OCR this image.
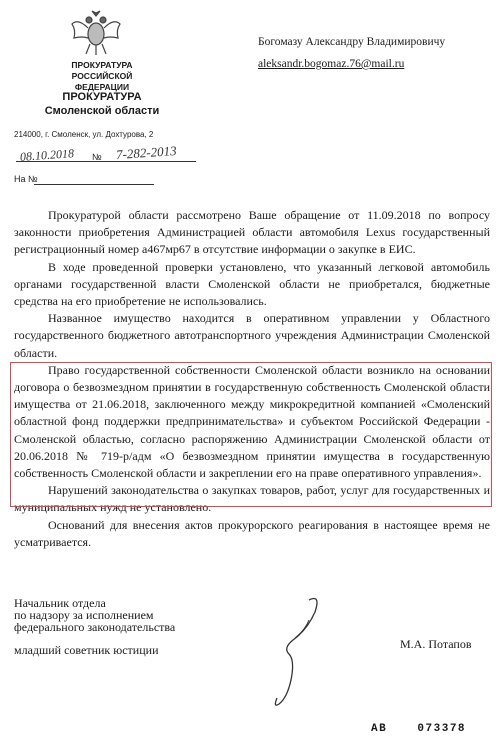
ПРОКУРАТУРА
РОССИЙСКОЙ ФЕДЕРАЦИИ
ПРОКУРАТУРА
Смоленской области
214000, г. Смоленск, ул. Дохтурова, 2
08.10.2018 № 7-282-2013
На №
Богомазу Александру Владимировичу
aleksandr.bogomaz.76@mail.ru

Прокуратурой области рассмотрено Ваше обращение от 11.09.2018 по вопросу законности приобретения Администрацией области автомобиля Lexus государственный регистрационный номер а467мр67 в отсутствие информации о закупке в ЕИС.

В ходе проведенной проверки установлено, что указанный легковой автомобиль органами государственной власти Смоленской области не приобретался, бюджетные средства на его приобретение не использовались.

Названное имущество находится в оперативном управлении у Областного государственного бюджетного автотранспортного учреждения Администрации Смоленской области.

Право государственной собственности Смоленской области возникло на основании договора о безвозмездном принятии в государственную собственность Смоленской области имущества от 21.06.2018, заключенного между микрокредитной компанией «Смоленский областной фонд поддержки предпринимательства» и субъектом Российской Федерации - Смоленской областью, согласно распоряжению Администрации Смоленской области от 20.06.2018 № 719-р/адм «О безвозмездном принятии имущества в государственную собственность Смоленской области и закреплении его на праве оперативного управления».

Нарушений законодательства о закупках товаров, работ, услуг для государственных и муниципальных нужд не установлено.

Оснований для внесения актов прокурорского реагирования в настоящее время не усматривается.

Начальник отдела
по надзору за исполнением
федерального законодательства
младший советник юстиции	М.А. Потапов
АВ	073378
